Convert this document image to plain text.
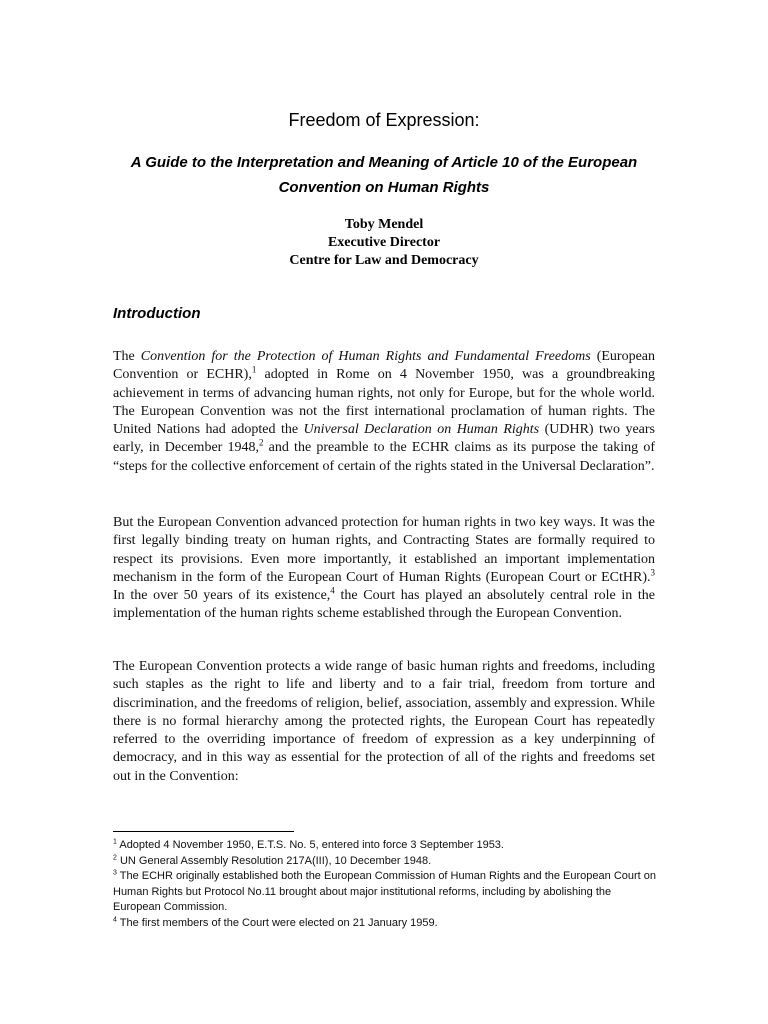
Freedom of Expression:
A Guide to the Interpretation and Meaning of Article 10 of the European Convention on Human Rights
Toby Mendel
Executive Director
Centre for Law and Democracy
Introduction

The Convention for the Protection of Human Rights and Fundamental Freedoms (European Convention or ECHR),$^1$ adopted in Rome on 4 November 1950, was a groundbreaking achievement in terms of advancing human rights, not only for Europe, but for the whole world. The European Convention was not the first international proclamation of human rights. The United Nations had adopted the Universal Declaration on Human Rights (UDHR) two years early, in December 1948,$^2$ and the preamble to the ECHR claims as its purpose the taking of “steps for the collective enforcement of certain of the rights stated in the Universal Declaration”.

But the European Convention advanced protection for human rights in two key ways. It was the first legally binding treaty on human rights, and Contracting States are formally required to respect its provisions. Even more importantly, it established an important implementation mechanism in the form of the European Court of Human Rights (European Court or ECtHR).$^3$ In the over 50 years of its existence,$^4$ the Court has played an absolutely central role in the implementation of the human rights scheme established through the European Convention.

The European Convention protects a wide range of basic human rights and freedoms, including such staples as the right to life and liberty and to a fair trial, freedom from torture and discrimination, and the freedoms of religion, belief, association, assembly and expression. While there is no formal hierarchy among the protected rights, the European Court has repeatedly referred to the overriding importance of freedom of expression as a key underpinning of democracy, and in this way as essential for the protection of all of the rights and freedoms set out in the Convention:

$^1$ Adopted 4 November 1950, E.T.S. No. 5, entered into force 3 September 1953.
$^2$ UN General Assembly Resolution 217A(III), 10 December 1948.
$^3$ The ECHR originally established both the European Commission of Human Rights and the European Court on Human Rights but Protocol No.11 brought about major institutional reforms, including by abolishing the European Commission.
$^4$ The first members of the Court were elected on 21 January 1959.
